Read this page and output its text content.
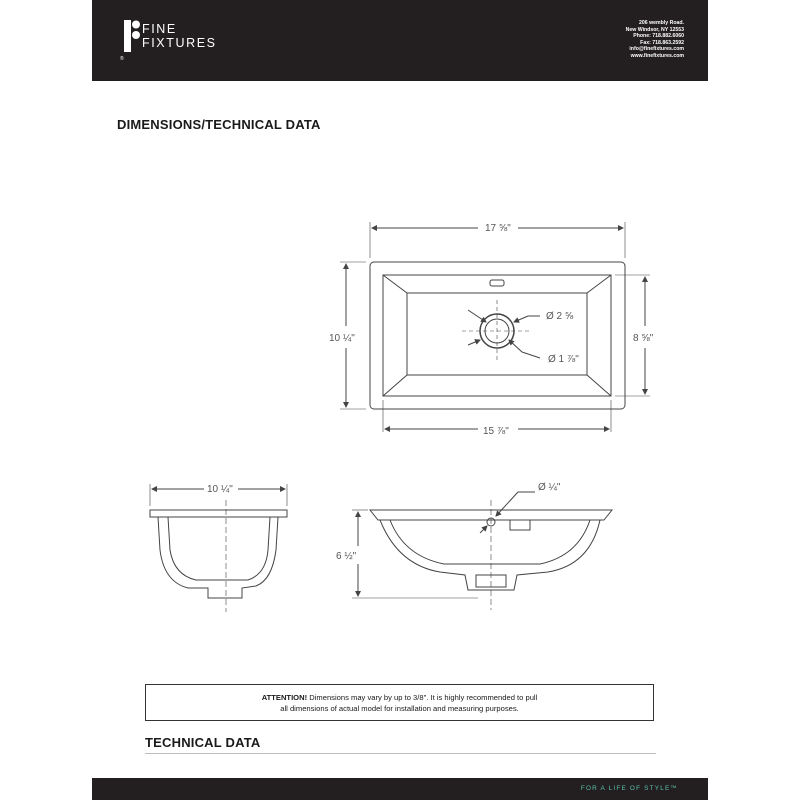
®
FINE
FIXTURES
206 wembly Road.
New Windsor, NY 12553
Phone: 718.882.6060
Fax: 718.863.2592
info@finefixtures.com
www.finefixtures.com
DIMENSIONS/TECHNICAL DATA
17 ⅝"
10 ¼"	8 ⅝"
15 ⅞"
Ø 2 ⅝
Ø 1 ⅞"
10 ¼"	Ø ¼"
6 ½"
ATTENTION! Dimensions may vary by up to 3/8". It is highly recommended to pull
all dimensions of actual model for installation and measuring purposes.
TECHNICAL DATA
FOR A LIFE OF STYLE™
